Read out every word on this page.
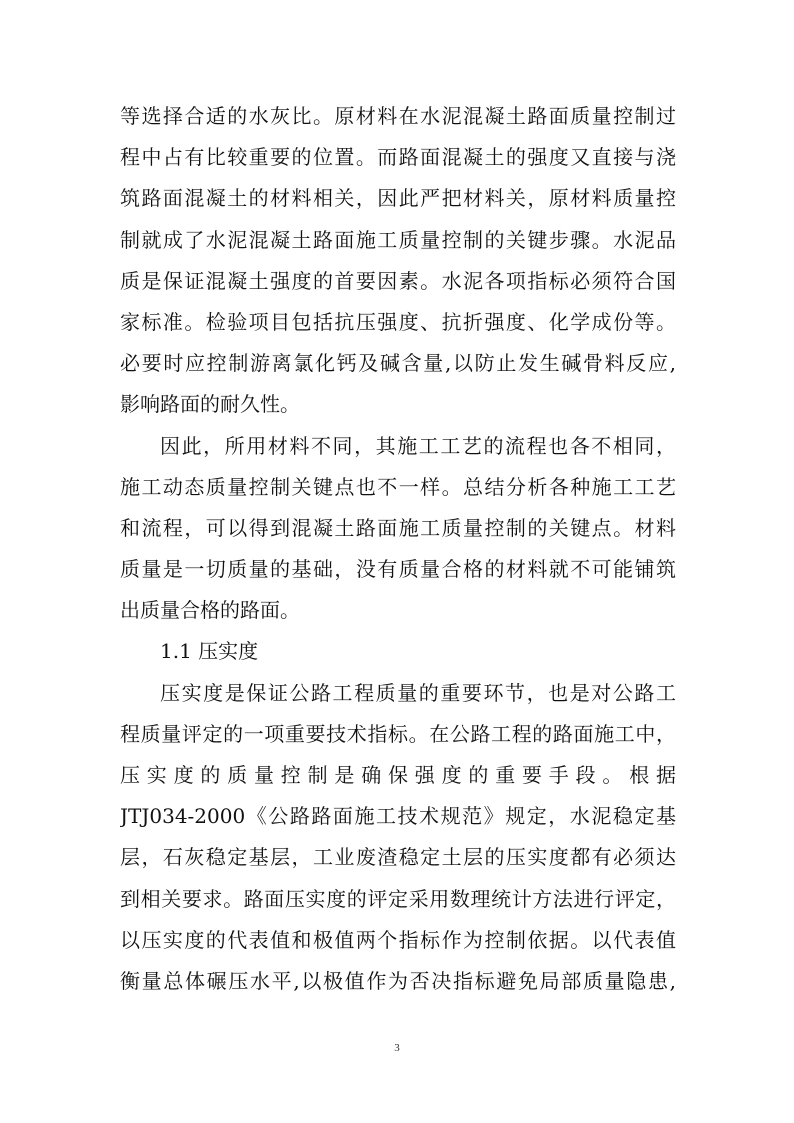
等选择合适的水灰比。原材料在水泥混凝土路面质量控制过
程中占有比较重要的位置。而路面混凝土的强度又直接与浇
筑路面混凝土的材料相关，因此严把材料关，原材料质量控
制就成了水泥混凝土路面施工质量控制的关键步骤。水泥品
质是保证混凝土强度的首要因素。水泥各项指标必须符合国
家标准。检验项目包括抗压强度、抗折强度、化学成份等。
必要时应控制游离氯化钙及碱含量,以防止发生碱骨料反应,
影响路面的耐久性。
因此，所用材料不同，其施工工艺的流程也各不相同，
施工动态质量控制关键点也不一样。总结分析各种施工工艺
和流程，可以得到混凝土路面施工质量控制的关键点。材料
质量是一切质量的基础，没有质量合格的材料就不可能铺筑
出质量合格的路面。
1.1 压实度
压实度是保证公路工程质量的重要环节，也是对公路工
程质量评定的一项重要技术指标。在公路工程的路面施工中，
压实度的质量控制是确保强度的重要手段。根据
JTJ034-2000《公路路面施工技术规范》规定，水泥稳定基
层，石灰稳定基层，工业废渣稳定土层的压实度都有必须达
到相关要求。路面压实度的评定采用数理统计方法进行评定，
以压实度的代表值和极值两个指标作为控制依据。以代表值
衡量总体碾压水平,以极值作为否决指标避免局部质量隐患,
3
